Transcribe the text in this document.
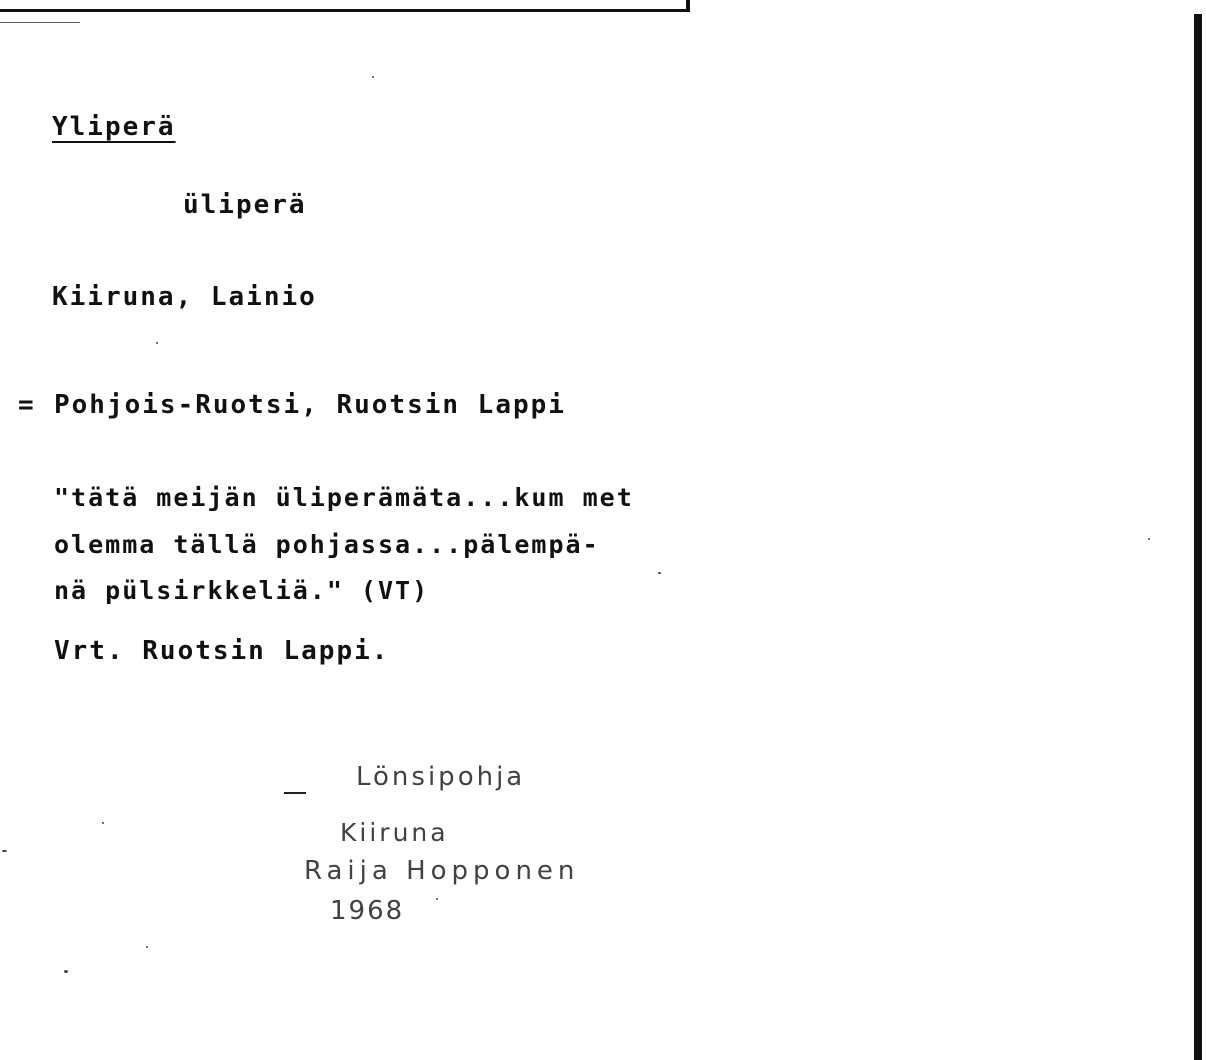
Yliperä
üliperä
Kiiruna, Lainio
= Pohjois-Ruotsi, Ruotsin Lappi
"tätä meijän üliperämäta...kum met
olemma tällä pohjassa...pälempä-
nä pülsirkkeliä." (VT)
Vrt. Ruotsin Lappi.
Lönsipohja
Kiiruna
Raija Hopponen
1968
